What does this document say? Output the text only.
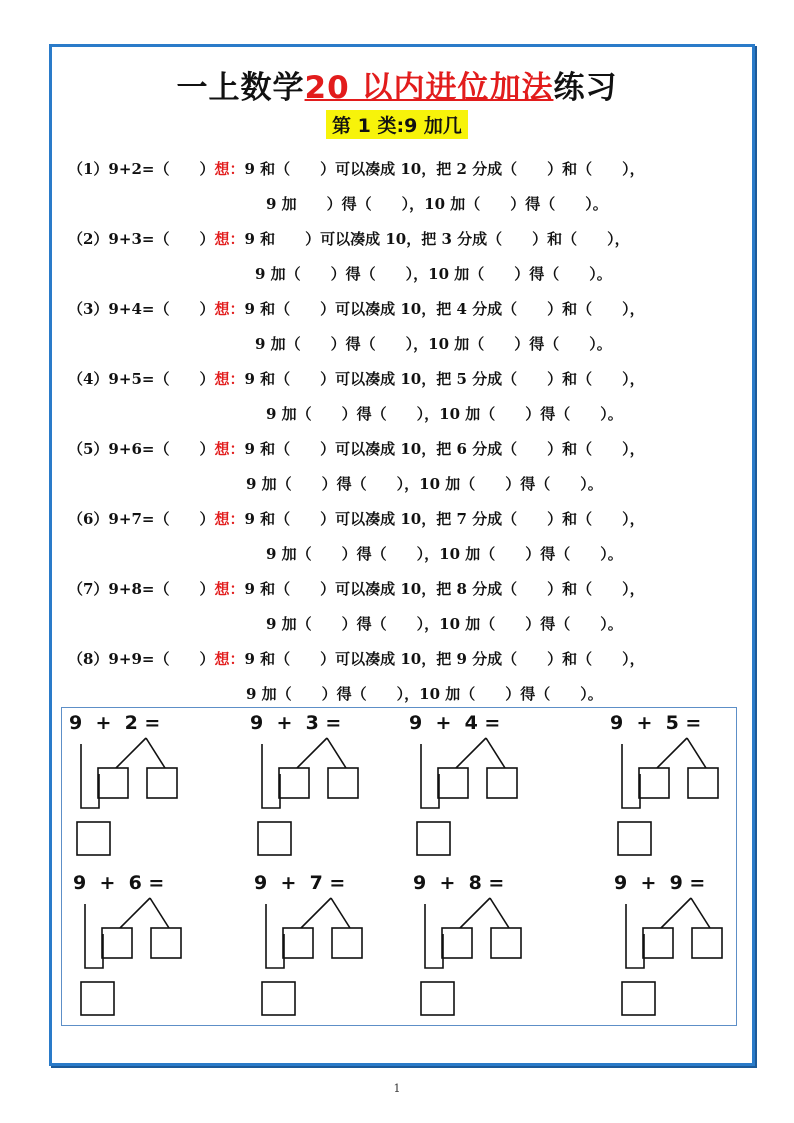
一上数学20 以内进位加法练习
第 1 类:9 加几
（1）9+2=（　　）想：9 和（　　）可以凑成 10，把 2 分成（　　）和（　　），
9 加　　）得（　　），10 加（　　）得（　　）。
（2）9+3=（　　）想：9 和　　）可以凑成 10，把 3 分成（　　）和（　　），
9 加（　　）得（　　），10 加（　　）得（　　）。
（3）9+4=（　　）想：9 和（　　）可以凑成 10，把 4 分成（　　）和（　　），
9 加（　　）得（　　），10 加（　　）得（　　）。
（4）9+5=（　　）想：9 和（　　）可以凑成 10，把 5 分成（　　）和（　　），
9 加（　　）得（　　），10 加（　　）得（　　）。
（5）9+6=（　　）想：9 和（　　）可以凑成 10，把 6 分成（　　）和（　　），
9 加（　　）得（　　），10 加（　　）得（　　）。
（6）9+7=（　　）想：9 和（　　）可以凑成 10，把 7 分成（　　）和（　　），
9 加（　　）得（　　），10 加（　　）得（　　）。
（7）9+8=（　　）想：9 和（　　）可以凑成 10，把 8 分成（　　）和（　　），
9 加（　　）得（　　），10 加（　　）得（　　）。
（8）9+9=（　　）想：9 和（　　）可以凑成 10，把 9 分成（　　）和（　　），
9 加（　　）得（　　），10 加（　　）得（　　）。
9  +  2 =	9  +  3 =	9  +  4 =	9  +  5 =
9  +  6 =	9  +  7 =	9  +  8 =	9  +  9 =
1
